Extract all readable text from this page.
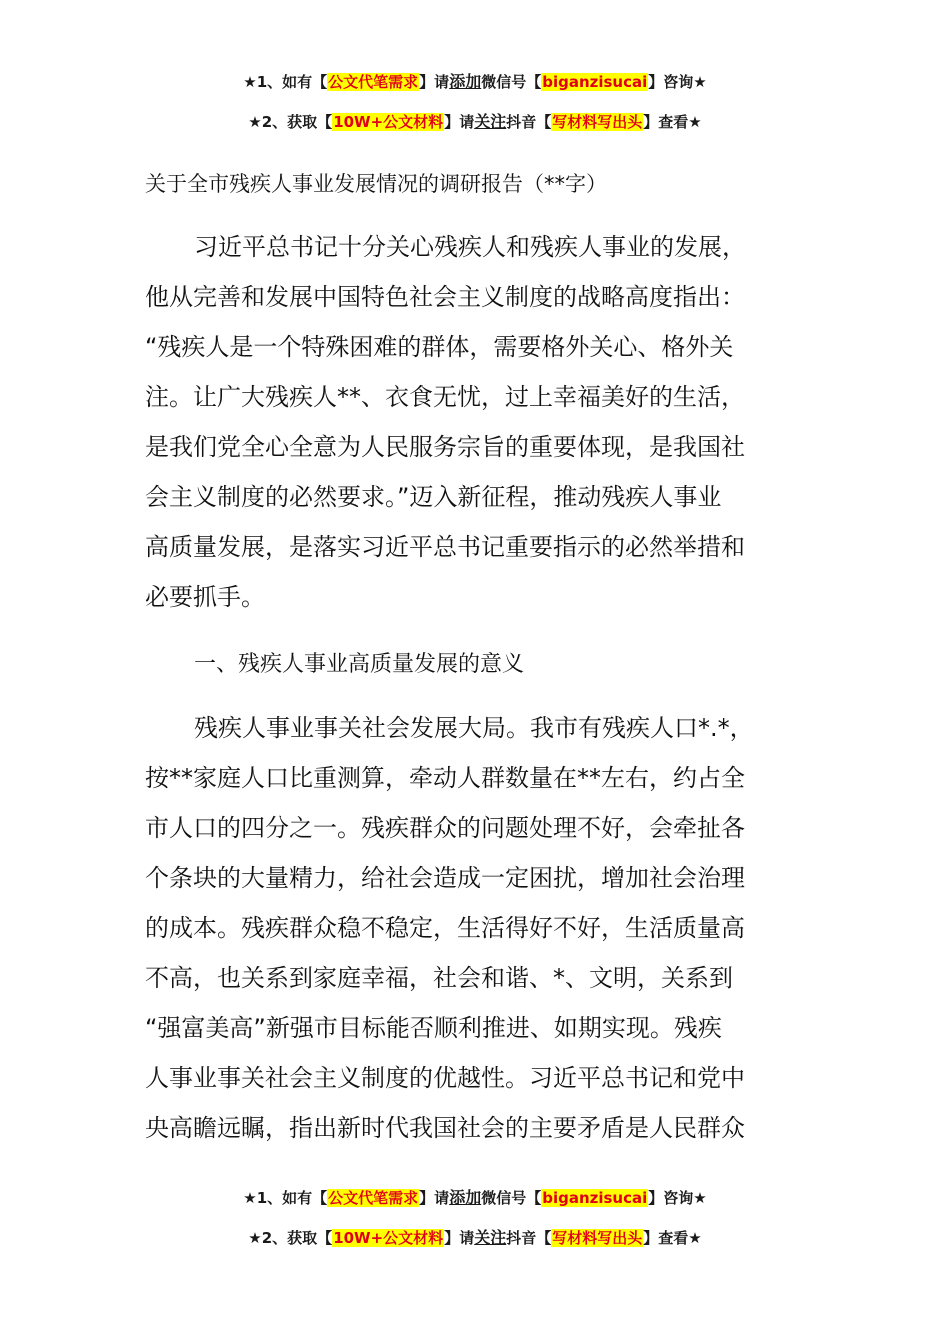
★1、如有【公文代笔需求】请添加微信号【biganzisucai】咨询★
★2、获取【10W+公文材料】请关注抖音【写材料写出头】查看★
关于全市残疾人事业发展情况的调研报告（**字）
习近平总书记十分关心残疾人和残疾人事业的发展，
他从完善和发展中国特色社会主义制度的战略高度指出：
“残疾人是一个特殊困难的群体，需要格外关心、格外关
注。让广大残疾人**、衣食无忧，过上幸福美好的生活，
是我们党全心全意为人民服务宗旨的重要体现，是我国社
会主义制度的必然要求。”迈入新征程，推动残疾人事业
高质量发展，是落实习近平总书记重要指示的必然举措和
必要抓手。
一、残疾人事业高质量发展的意义
残疾人事业事关社会发展大局。我市有残疾人口*.*，
按**家庭人口比重测算，牵动人群数量在**左右，约占全
市人口的四分之一。残疾群众的问题处理不好，会牵扯各
个条块的大量精力，给社会造成一定困扰，增加社会治理
的成本。残疾群众稳不稳定，生活得好不好，生活质量高
不高，也关系到家庭幸福，社会和谐、*、文明，关系到
“强富美高”新强市目标能否顺利推进、如期实现。残疾
人事业事关社会主义制度的优越性。习近平总书记和党中
央高瞻远瞩，指出新时代我国社会的主要矛盾是人民群众
★1、如有【公文代笔需求】请添加微信号【biganzisucai】咨询★
★2、获取【10W+公文材料】请关注抖音【写材料写出头】查看★
